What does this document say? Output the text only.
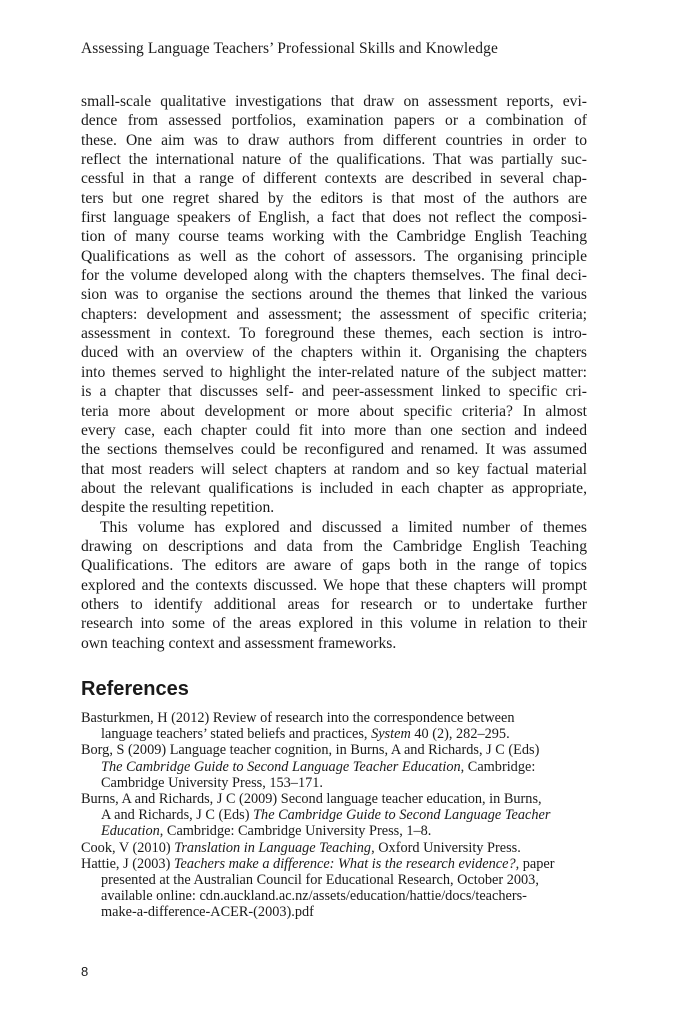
Assessing Language Teachers’ Professional Skills and Knowledge
small-scale qualitative investigations that draw on assessment reports, evi-
dence from assessed portfolios, examination papers or a combination of
these. One aim was to draw authors from different countries in order to
reflect the international nature of the qualifications. That was partially suc-
cessful in that a range of different contexts are described in several chap-
ters but one regret shared by the editors is that most of the authors are
first language speakers of English, a fact that does not reflect the composi-
tion of many course teams working with the Cambridge English Teaching
Qualifications as well as the cohort of assessors. The organising principle
for the volume developed along with the chapters themselves. The final deci-
sion was to organise the sections around the themes that linked the various
chapters: development and assessment; the assessment of specific criteria;
assessment in context. To foreground these themes, each section is intro-
duced with an overview of the chapters within it. Organising the chapters
into themes served to highlight the inter-related nature of the subject matter:
is a chapter that discusses self- and peer-assessment linked to specific cri-
teria more about development or more about specific criteria? In almost
every case, each chapter could fit into more than one section and indeed
the sections themselves could be reconfigured and renamed. It was assumed
that most readers will select chapters at random and so key factual material
about the relevant qualifications is included in each chapter as appropriate,
despite the resulting repetition.
This volume has explored and discussed a limited number of themes
drawing on descriptions and data from the Cambridge English Teaching
Qualifications. The editors are aware of gaps both in the range of topics
explored and the contexts discussed. We hope that these chapters will prompt
others to identify additional areas for research or to undertake further
research into some of the areas explored in this volume in relation to their
own teaching context and assessment frameworks.
References
Basturkmen, H (2012) Review of research into the correspondence between
language teachers’ stated beliefs and practices, System 40 (2), 282–295.
Borg, S (2009) Language teacher cognition, in Burns, A and Richards, J C (Eds)
The Cambridge Guide to Second Language Teacher Education, Cambridge:
Cambridge University Press, 153–171.
Burns, A and Richards, J C (2009) Second language teacher education, in Burns,
A and Richards, J C (Eds) The Cambridge Guide to Second Language Teacher
Education, Cambridge: Cambridge University Press, 1–8.
Cook, V (2010) Translation in Language Teaching, Oxford University Press.
Hattie, J (2003) Teachers make a difference: What is the research evidence?, paper
presented at the Australian Council for Educational Research, October 2003,
available online: cdn.auckland.ac.nz/assets/education/hattie/docs/teachers-
make-a-difference-ACER-(2003).pdf
8
